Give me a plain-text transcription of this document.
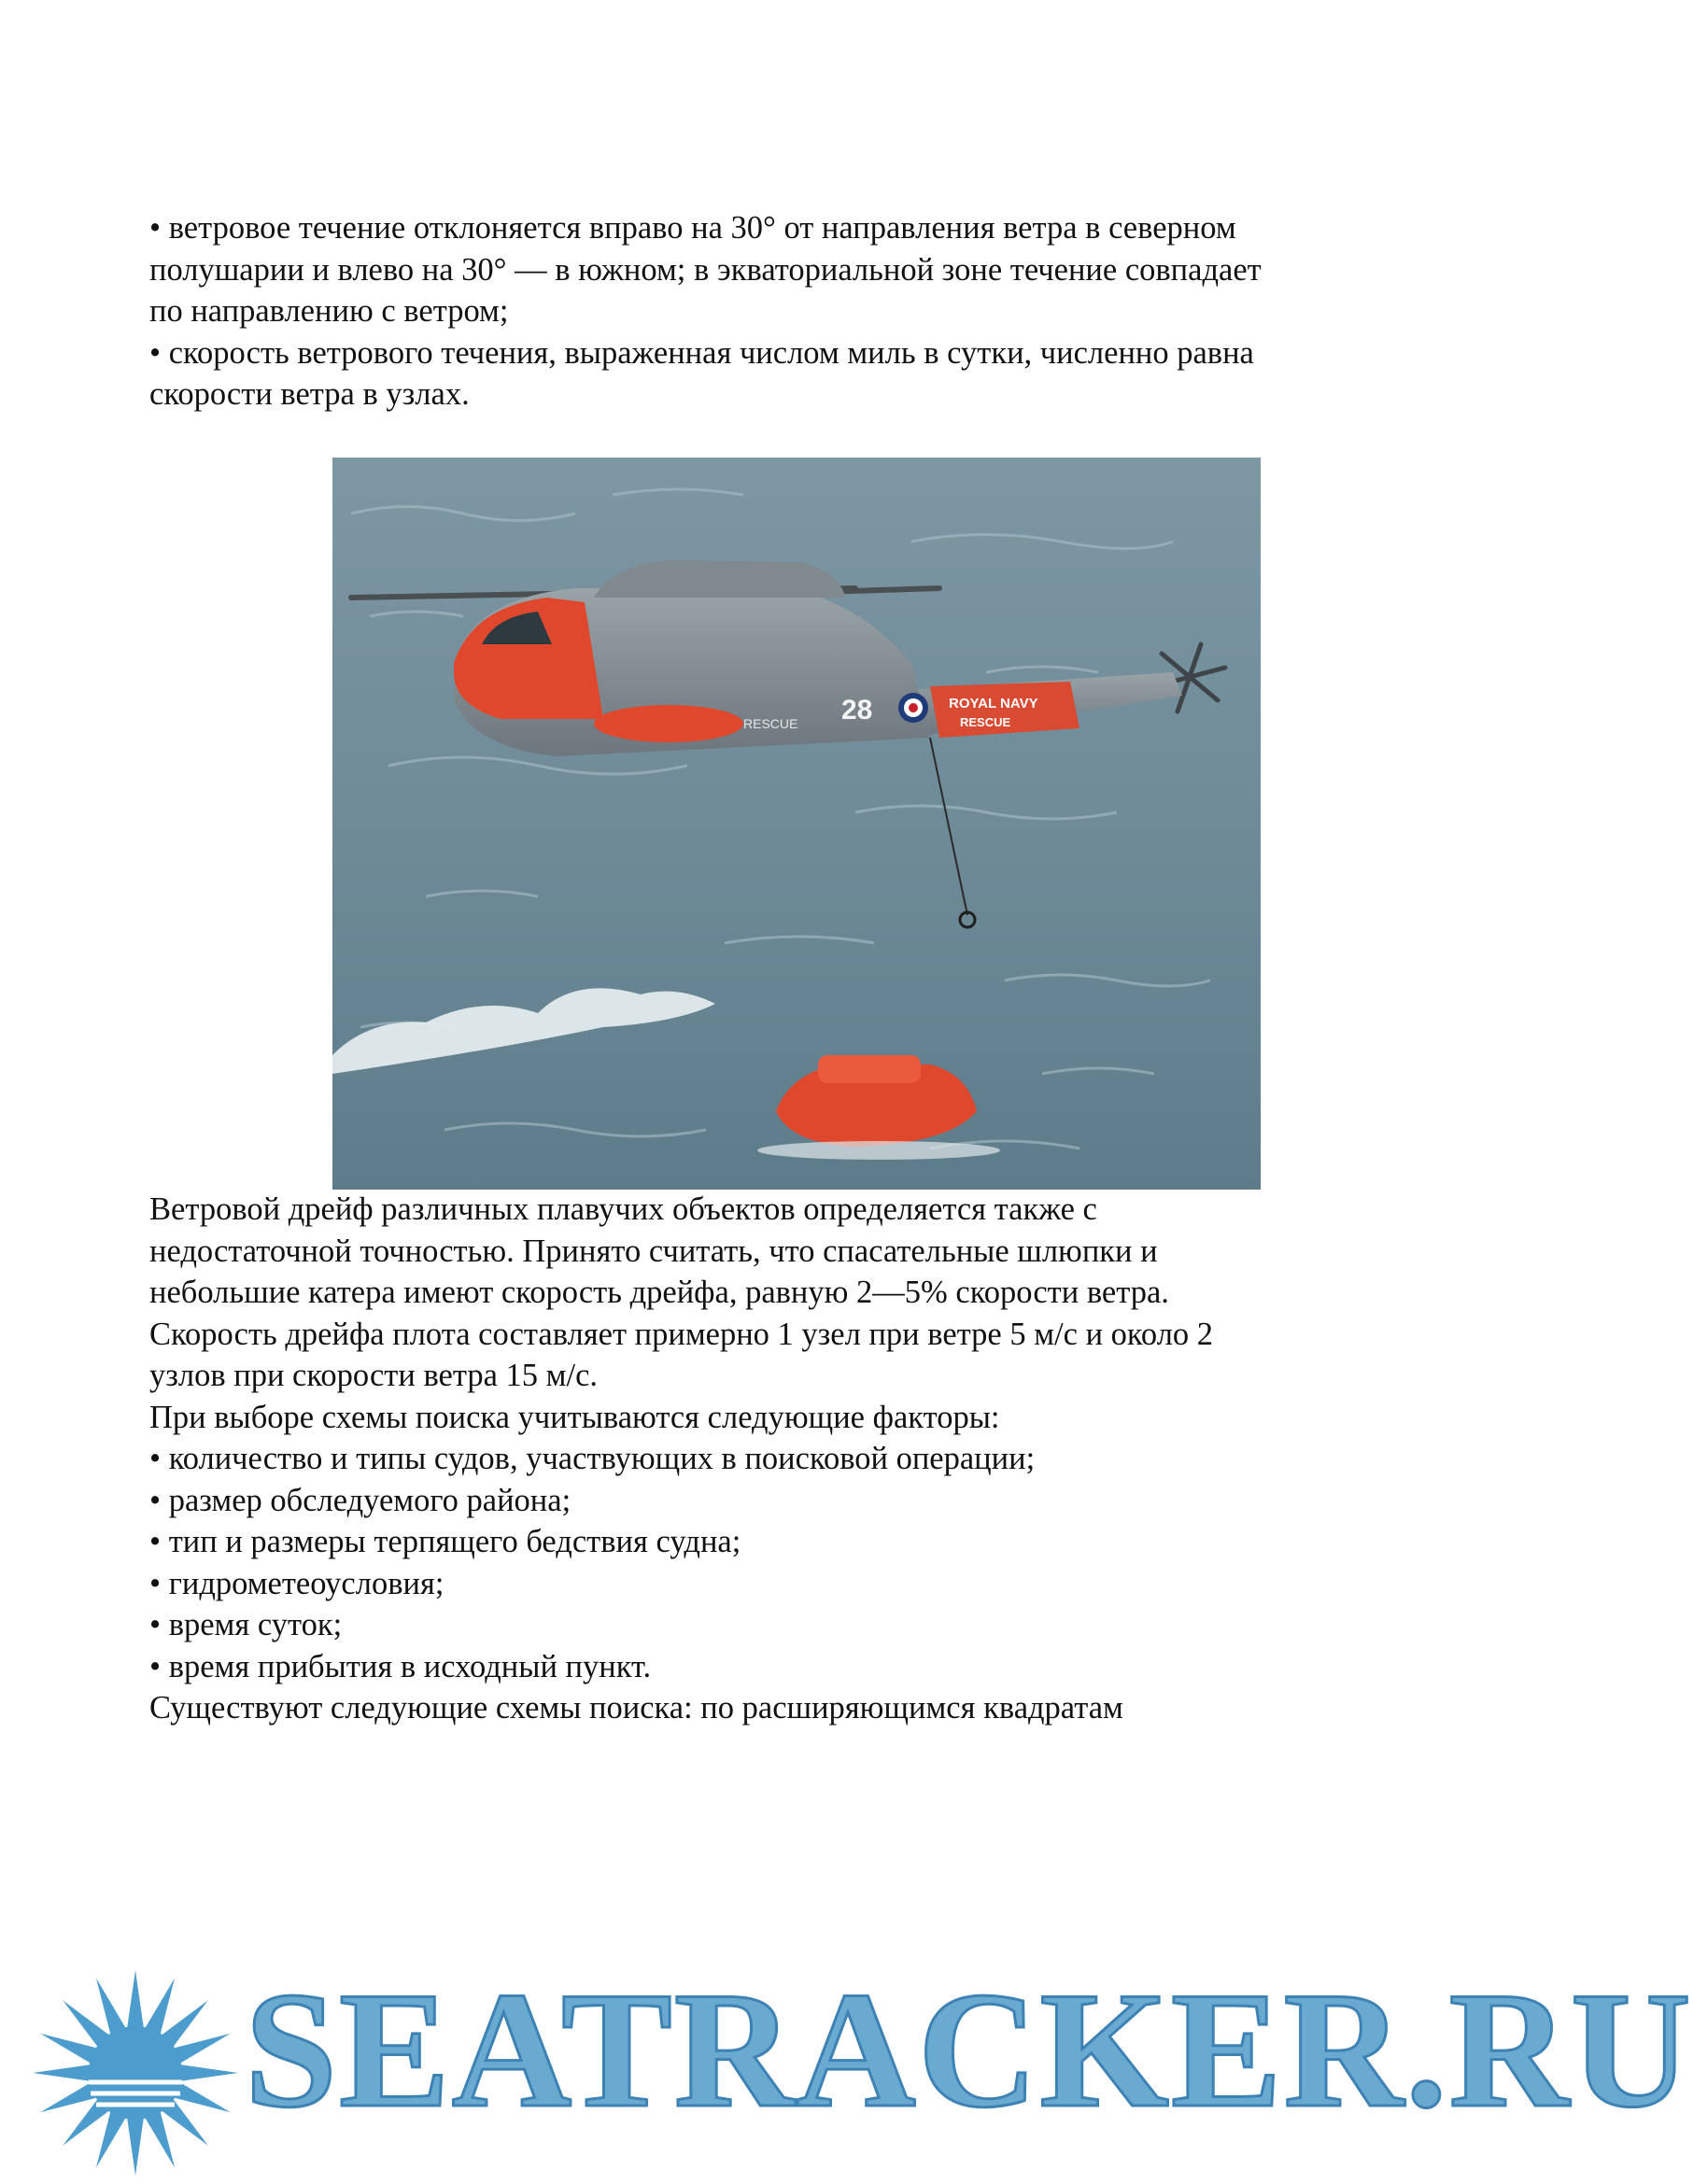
• ветровое течение отклоняется вправо на 30° от направления ветра в северном

полушарии и влево на 30° — в южном; в экваториальной зоне течение совпадает

по направлению с ветром;

• скорость ветрового течения, выраженная числом миль в сутки, численно равна

скорости ветра в узлах.

28
RESCUE
ROYAL NAVY
RESCUE

Ветровой дрейф различных плавучих объектов определяется также с

недостаточной точностью. Принято считать, что спасательные шлюпки и

небольшие катера имеют скорость дрейфа, равную 2—5% скорости ветра.

Скорость дрейфа плота составляет примерно 1 узел при ветре 5 м/с и около 2

узлов при скорости ветра 15 м/с.

При выборе схемы поиска учитываются следующие факторы:

• количество и типы судов, участвующих в поисковой операции;

• размер обследуемого района;

• тип и размеры терпящего бедствия судна;

• гидрометеоусловия;

• время суток;

• время прибытия в исходный пункт.

Существуют следующие схемы поиска: по расширяющимся квадратам

SEATRACKER.RU
